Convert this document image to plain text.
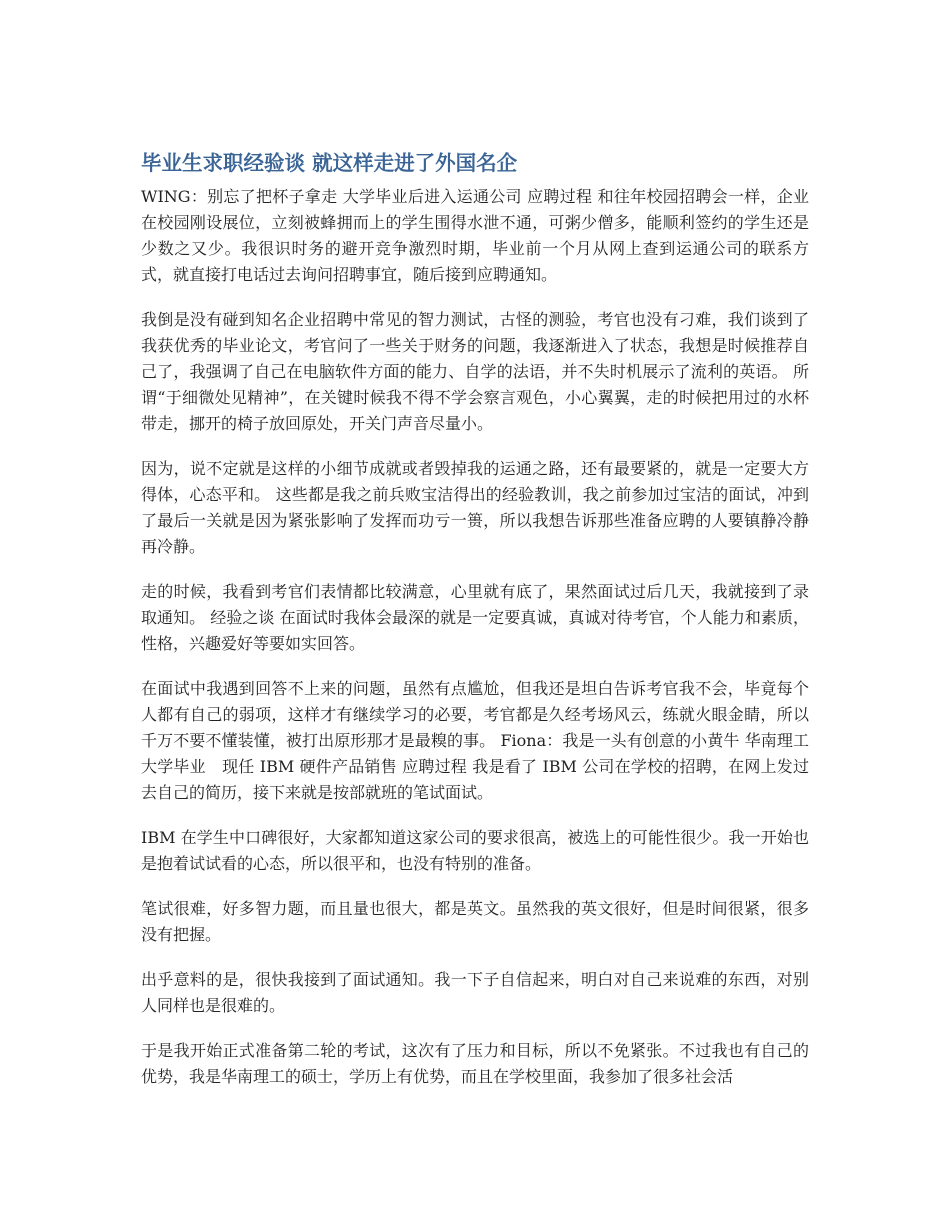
毕业生求职经验谈 就这样走进了外国名企

WING：别忘了把杯子拿走 大学毕业后进入运通公司 应聘过程 和往年校园招聘会一样，企业在校园刚设展位，立刻被蜂拥而上的学生围得水泄不通，可粥少僧多，能顺利签约的学生还是少数之又少。我很识时务的避开竞争激烈时期，毕业前一个月从网上查到运通公司的联系方式，就直接打电话过去询问招聘事宜，随后接到应聘通知。

我倒是没有碰到知名企业招聘中常见的智力测试，古怪的测验，考官也没有刁难，我们谈到了我获优秀的毕业论文，考官问了一些关于财务的问题，我逐渐进入了状态，我想是时候推荐自己了，我强调了自己在电脑软件方面的能力、自学的法语，并不失时机展示了流利的英语。 所谓“于细微处见精神”，在关键时候我不得不学会察言观色，小心翼翼，走的时候把用过的水杯带走，挪开的椅子放回原处，开关门声音尽量小。

因为，说不定就是这样的小细节成就或者毁掉我的运通之路，还有最要紧的，就是一定要大方得体，心态平和。 这些都是我之前兵败宝洁得出的经验教训，我之前参加过宝洁的面试，冲到了最后一关就是因为紧张影响了发挥而功亏一篑，所以我想告诉那些准备应聘的人要镇静冷静再冷静。

走的时候，我看到考官们表情都比较满意，心里就有底了，果然面试过后几天，我就接到了录取通知。 经验之谈 在面试时我体会最深的就是一定要真诚，真诚对待考官，个人能力和素质，性格，兴趣爱好等要如实回答。

在面试中我遇到回答不上来的问题，虽然有点尴尬，但我还是坦白告诉考官我不会，毕竟每个人都有自己的弱项，这样才有继续学习的必要，考官都是久经考场风云，练就火眼金睛，所以千万不要不懂装懂，被打出原形那才是最糗的事。 Fiona：我是一头有创意的小黄牛 华南理工大学毕业　现任 IBM 硬件产品销售 应聘过程 我是看了 IBM 公司在学校的招聘，在网上发过去自己的简历，接下来就是按部就班的笔试面试。

IBM 在学生中口碑很好，大家都知道这家公司的要求很高，被选上的可能性很少。我一开始也是抱着试试看的心态，所以很平和，也没有特别的准备。

笔试很难，好多智力题，而且量也很大，都是英文。虽然我的英文很好，但是时间很紧，很多没有把握。

出乎意料的是，很快我接到了面试通知。我一下子自信起来，明白对自己来说难的东西，对别人同样也是很难的。

于是我开始正式准备第二轮的考试，这次有了压力和目标，所以不免紧张。不过我也有自己的优势，我是华南理工的硕士，学历上有优势，而且在学校里面，我参加了很多社会活
